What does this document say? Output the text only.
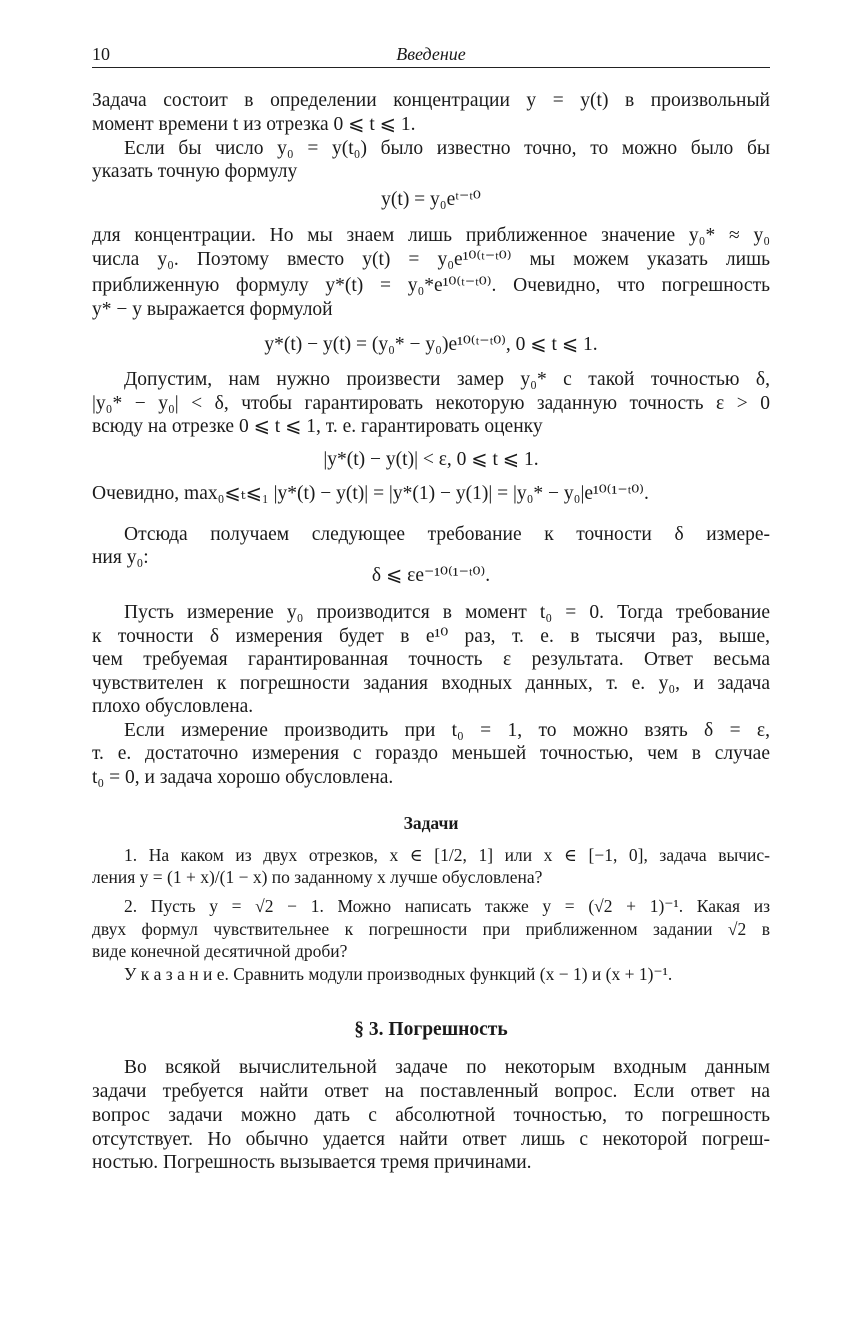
10	Введение
Задача состоит в определении концентрации y = y(t) в произвольный
момент времени t из отрезка 0 ⩽ t ⩽ 1.
Если бы число y₀ = y(t₀) было известно точно, то можно было бы
указать точную формулу
y(t) = y₀eᵗ⁻ᵗ⁰
для концентрации. Но мы знаем лишь приближенное значение y₀* ≈ y₀
числа y₀. Поэтому вместо y(t) = y₀e¹⁰⁽ᵗ⁻ᵗ⁰⁾ мы можем указать лишь
приближенную формулу y*(t) = y₀*e¹⁰⁽ᵗ⁻ᵗ⁰⁾. Очевидно, что погрешность
y* − y выражается формулой
y*(t) − y(t) = (y₀* − y₀)e¹⁰⁽ᵗ⁻ᵗ⁰⁾, 0 ⩽ t ⩽ 1.
Допустим, нам нужно произвести замер y₀* с такой точностью δ,
|y₀* − y₀| < δ, чтобы гарантировать некоторую заданную точность ε > 0
всюду на отрезке 0 ⩽ t ⩽ 1, т. е. гарантировать оценку
|y*(t) − y(t)| < ε, 0 ⩽ t ⩽ 1.
Очевидно, max₀⩽ₜ⩽₁ |y*(t) − y(t)| = |y*(1) − y(1)| = |y₀* − y₀|e¹⁰⁽¹⁻ᵗ⁰⁾.
Отсюда получаем следующее требование к точности δ измере-
ния y₀:
δ ⩽ εe⁻¹⁰⁽¹⁻ᵗ⁰⁾.
Пусть измерение y₀ производится в момент t₀ = 0. Тогда требование
к точности δ измерения будет в e¹⁰ раз, т. е. в тысячи раз, выше,
чем требуемая гарантированная точность ε результата. Ответ весьма
чувствителен к погрешности задания входных данных, т. е. y₀, и задача
плохо обусловлена.
Если измерение производить при t₀ = 1, то можно взять δ = ε,
т. е. достаточно измерения с гораздо меньшей точностью, чем в случае
t₀ = 0, и задача хорошо обусловлена.
Задачи
1. На каком из двух отрезков, x ∈ [1/2, 1] или x ∈ [−1, 0], задача вычис-
ления y = (1 + x)/(1 − x) по заданному x лучше обусловлена?
2. Пусть y = √2 − 1. Можно написать также y = (√2 + 1)⁻¹. Какая из
двух формул чувствительнее к погрешности при приближенном задании √2 в
виде конечной десятичной дроби?
У к а з а н и е. Сравнить модули производных функций (x − 1) и (x + 1)⁻¹.
§ 3. Погрешность
Во всякой вычислительной задаче по некоторым входным данным
задачи требуется найти ответ на поставленный вопрос. Если ответ на
вопрос задачи можно дать с абсолютной точностью, то погрешность
отсутствует. Но обычно удается найти ответ лишь с некоторой погреш-
ностью. Погрешность вызывается тремя причинами.
